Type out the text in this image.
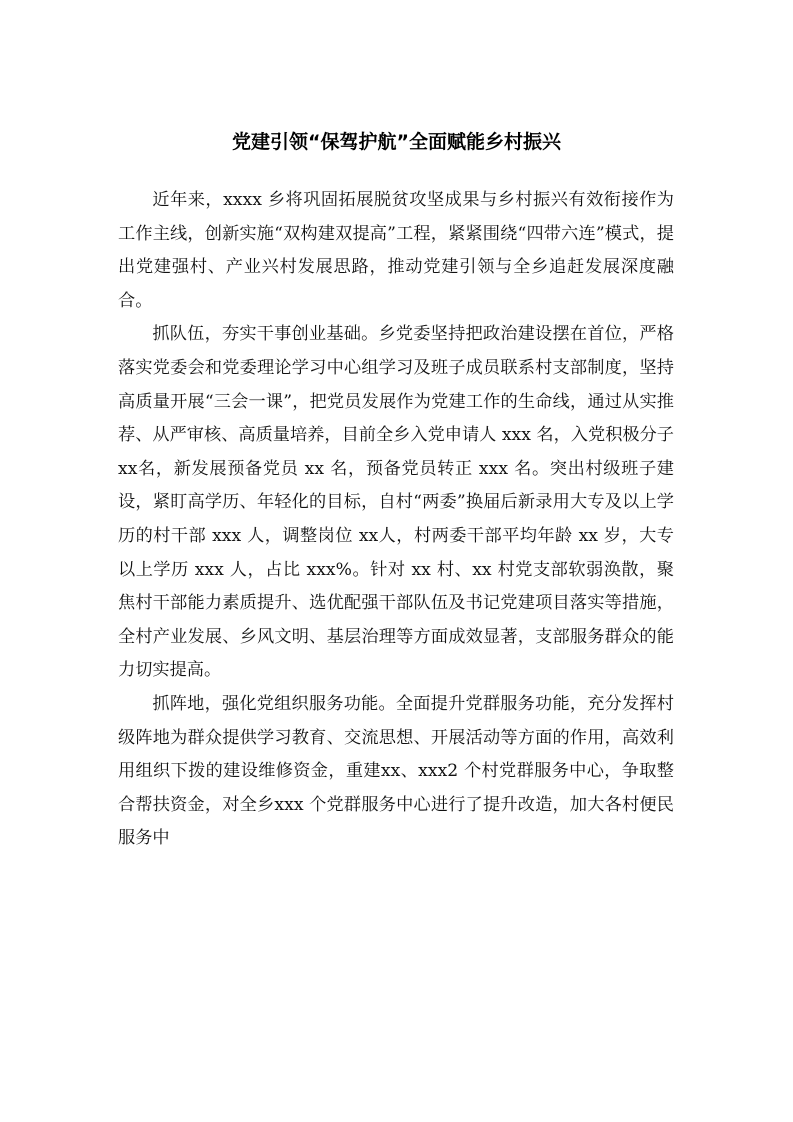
党建引领“保驾护航”全面赋能乡村振兴

近年来，xxxx 乡将巩固拓展脱贫攻坚成果与乡村振兴有效衔接作为工作主线，创新实施“双构建双提高”工程，紧紧围绕“四带六连”模式，提出党建强村、产业兴村发展思路，推动党建引领与全乡追赶发展深度融合。

抓队伍，夯实干事创业基础。乡党委坚持把政治建设摆在首位，严格落实党委会和党委理论学习中心组学习及班子成员联系村支部制度，坚持高质量开展“三会一课”，把党员发展作为党建工作的生命线，通过从实推荐、从严审核、高质量培养，目前全乡入党申请人 xxx 名，入党积极分子 xx名，新发展预备党员 xx 名，预备党员转正 xxx 名。突出村级班子建设，紧盯高学历、年轻化的目标，自村“两委”换届后新录用大专及以上学历的村干部 xxx 人，调整岗位 xx人，村两委干部平均年龄 xx 岁，大专以上学历 xxx 人，占比 xxx%。针对 xx 村、xx 村党支部软弱涣散，聚焦村干部能力素质提升、选优配强干部队伍及书记党建项目落实等措施，全村产业发展、乡风文明、基层治理等方面成效显著，支部服务群众的能力切实提高。

抓阵地，强化党组织服务功能。全面提升党群服务功能，充分发挥村级阵地为群众提供学习教育、交流思想、开展活动等方面的作用，高效利用组织下拨的建设维修资金，重建xx、xxx2 个村党群服务中心，争取整合帮扶资金，对全乡xxx 个党群服务中心进行了提升改造，加大各村便民服务中
